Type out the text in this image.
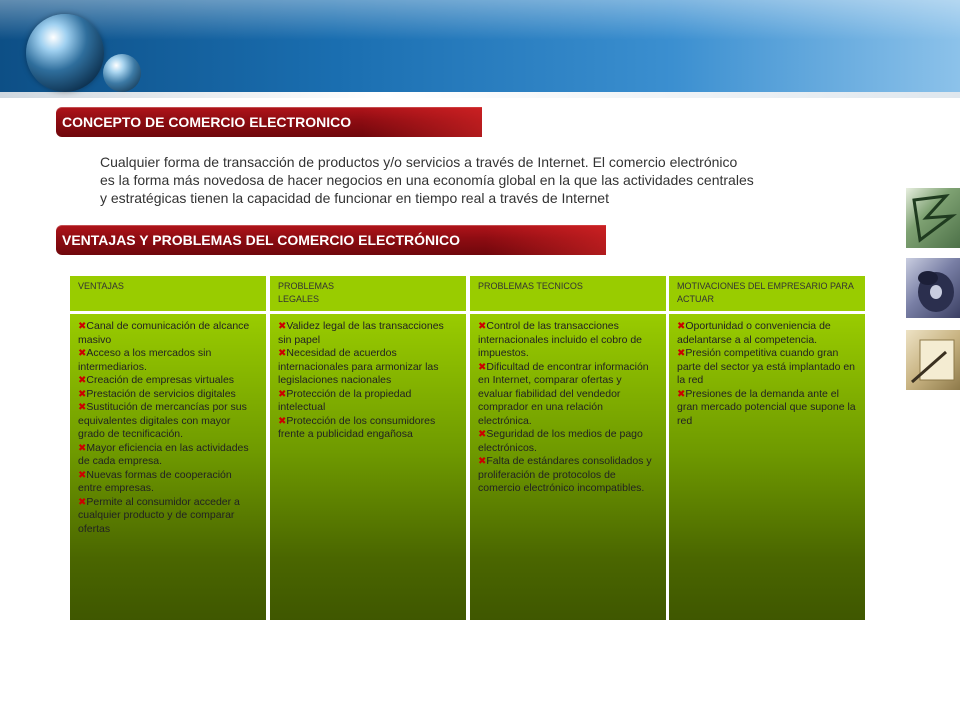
CONCEPTO DE COMERCIO ELECTRONICO
Cualquier forma de transacción de productos y/o servicios a través de Internet. El comercio electrónico
es la forma más novedosa de hacer negocios en una economía global en la que las actividades centrales
y estratégicas tienen la capacidad de funcionar en tiempo real a través de Internet
VENTAJAS Y PROBLEMAS DEL COMERCIO ELECTRÓNICO
VENTAJAS
✖Canal de comunicación de alcance masivo
✖Acceso a los mercados sin intermediarios.
✖Creación de empresas virtuales
✖Prestación de servicios digitales
✖Sustitución de mercancías por sus equivalentes digitales con mayor grado de tecnificación.
✖Mayor eficiencia en las actividades de cada empresa.
✖Nuevas formas de cooperación entre empresas.
✖Permite al consumidor acceder a cualquier producto y de comparar ofertas
PROBLEMAS
LEGALES
✖Validez legal de las transacciones sin papel
✖Necesidad de acuerdos internacionales para armonizar las legislaciones nacionales
✖Protección de la propiedad intelectual
✖Protección de los consumidores frente a publicidad engañosa
PROBLEMAS TECNICOS
✖Control de las transacciones internacionales incluido el cobro de impuestos.
✖Dificultad de encontrar información en Internet, comparar ofertas y evaluar fiabilidad del vendedor comprador en una relación electrónica.
✖Seguridad de los medios de pago electrónicos.
✖Falta de estándares consolidados y proliferación de protocolos de comercio electrónico incompatibles.
MOTIVACIONES DEL EMPRESARIO PARA ACTUAR
✖Oportunidad o conveniencia de adelantarse a al competencia.
✖Presión competitiva cuando gran parte del sector ya está implantado en la red
✖Presiones de la demanda ante el gran mercado potencial que supone la red
